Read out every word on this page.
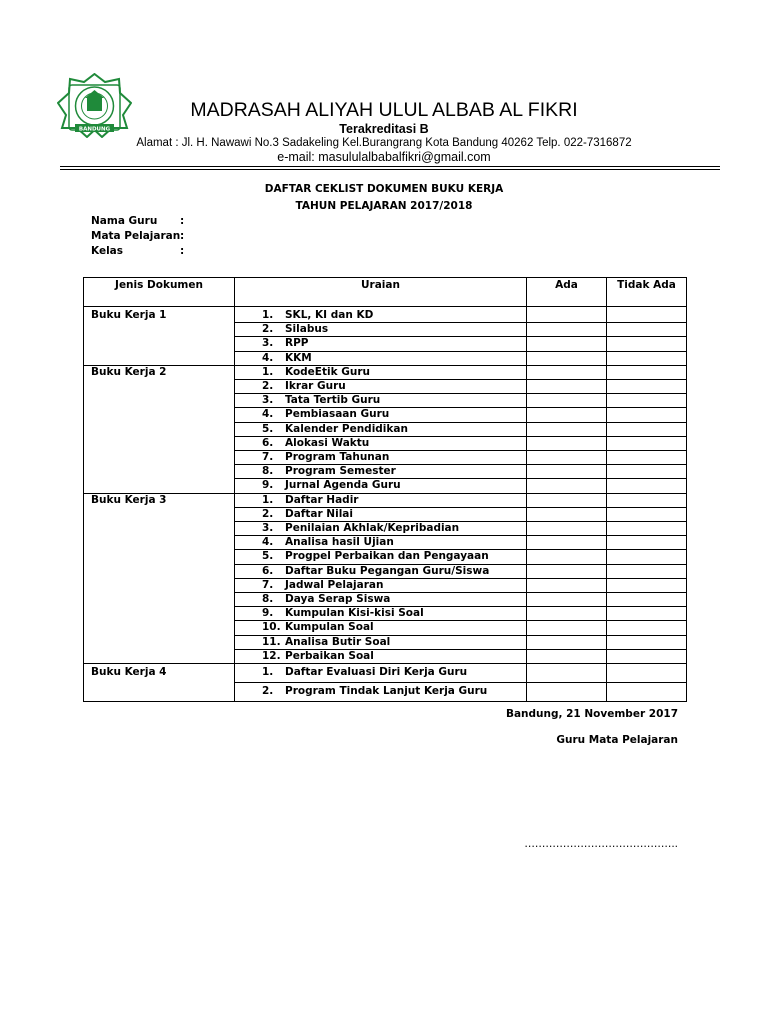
BANDUNG
MADRASAH ALIYAH ULUL ALBAB AL FIKRI
Terakreditasi B
Alamat : Jl. H. Nawawi No.3 Sadakeling Kel.Burangrang Kota Bandung 40262 Telp. 022-7316872
e-mail: masululalbabalfikri@gmail.com
DAFTAR CEKLIST DOKUMEN BUKU KERJA
TAHUN PELAJARAN 2017/2018
Nama Guru :
Mata Pelajaran :
Kelas	:
Jenis Dokumen	Uraian	Ada	Tidak Ada
Buku Kerja 1	1. SKL, KI dan KD		
	2. Silabus		
	3. RPP		
	4. KKM		
Buku Kerja 2	1. KodeEtik Guru		
	2. Ikrar Guru		
	3. Tata Tertib Guru		
	4. Pembiasaan Guru		
	5. Kalender Pendidikan		
	6. Alokasi Waktu		
	7. Program Tahunan		
	8. Program Semester		
	9. Jurnal Agenda Guru		
Buku Kerja 3	1. Daftar Hadir		
	2. Daftar Nilai		
	3. Penilaian Akhlak/Kepribadian		
	4. Analisa hasil Ujian		
	5. Progpel Perbaikan dan Pengayaan		
	6. Daftar Buku Pegangan Guru/Siswa		
	7. Jadwal Pelajaran		
	8. Daya Serap Siswa		
	9. Kumpulan Kisi-kisi Soal		
	10. Kumpulan Soal		
	11. Analisa Butir Soal		
	12. Perbaikan Soal		
Buku Kerja 4	1. Daftar Evaluasi Diri Kerja Guru		
	2. Program Tindak Lanjut Kerja Guru		
Bandung, 21 November 2017
Guru Mata Pelajaran
……………………………………..
